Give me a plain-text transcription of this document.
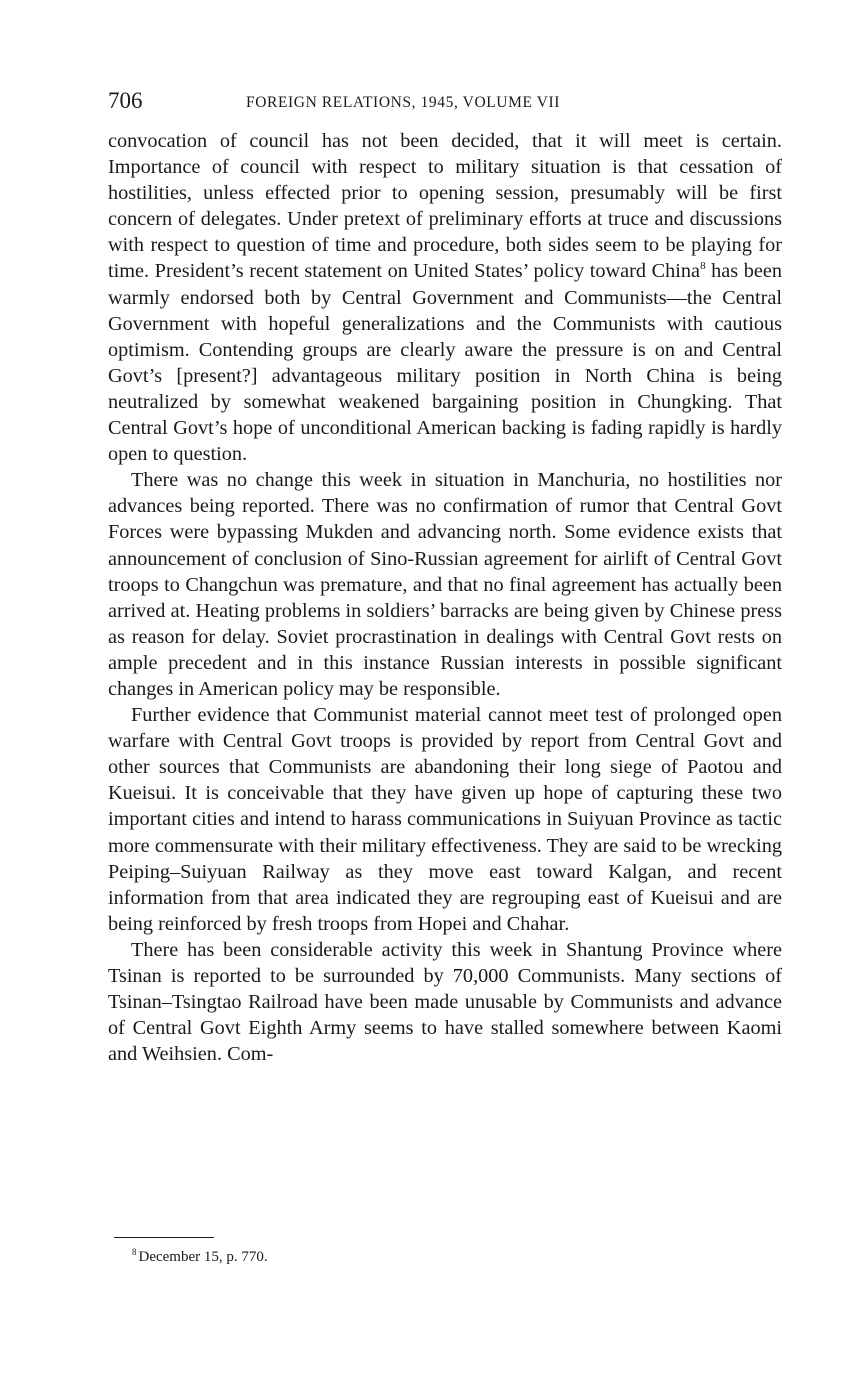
706	FOREIGN RELATIONS, 1945, VOLUME VII

convocation of council has not been decided, that it will meet is certain. Importance of council with respect to military situation is that cessation of hostilities, unless effected prior to opening session, presumably will be first concern of delegates. Under pretext of preliminary efforts at truce and discussions with respect to question of time and procedure, both sides seem to be playing for time. President’s recent statement on United States’ policy toward China$^8$ has been warmly endorsed both by Central Government and Communists—the Central Government with hopeful generalizations and the Communists with cautious optimism. Contending groups are clearly aware the pressure is on and Central Govt’s [present?] advantageous military position in North China is being neutralized by somewhat weakened bargaining position in Chungking. That Central Govt’s hope of unconditional American backing is fading rapidly is hardly open to question.

There was no change this week in situation in Manchuria, no hostilities nor advances being reported. There was no confirmation of rumor that Central Govt Forces were bypassing Mukden and advancing north. Some evidence exists that announcement of conclusion of Sino-Russian agreement for airlift of Central Govt troops to Changchun was premature, and that no final agreement has actually been arrived at. Heating problems in soldiers’ barracks are being given by Chinese press as reason for delay. Soviet procrastination in dealings with Central Govt rests on ample precedent and in this instance Russian interests in possible significant changes in American policy may be responsible.

Further evidence that Communist material cannot meet test of prolonged open warfare with Central Govt troops is provided by report from Central Govt and other sources that Communists are abandoning their long siege of Paotou and Kueisui. It is conceivable that they have given up hope of capturing these two important cities and intend to harass communications in Suiyuan Province as tactic more commensurate with their military effectiveness. They are said to be wrecking Peiping–Suiyuan Railway as they move east toward Kalgan, and recent information from that area indicated they are regrouping east of Kueisui and are being reinforced by fresh troops from Hopei and Chahar.

There has been considerable activity this week in Shantung Province where Tsinan is reported to be surrounded by 70,000 Communists. Many sections of Tsinan–Tsingtao Railroad have been made unusable by Communists and advance of Central Govt Eighth Army seems to have stalled somewhere between Kaomi and Weihsien. Com-

$^8$ December 15, p. 770.
